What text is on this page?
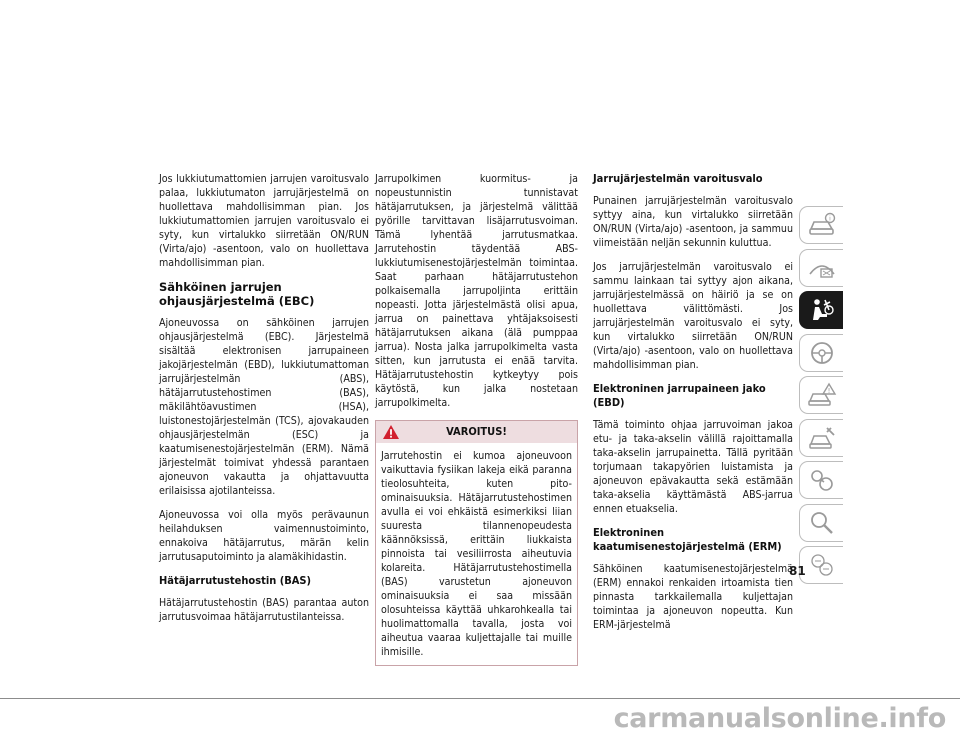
Jos lukkiutumattomien jarrujen varoitusvalo palaa, lukkiutumaton jarrujärjestelmä on huollettava mahdollisimman pian. Jos lukkiutumattomien jarrujen varoitusvalo ei syty, kun virtalukko siirretään ON/RUN (Virta/ajo) -asentoon, valo on huollettava mahdollisimman pian.

Sähköinen jarrujen ohjausjärjestelmä (EBC)

Ajoneuvossa on sähköinen jarrujen ohjausjärjestelmä (EBC). Järjestelmä sisältää elektronisen jarrupaineen jakojärjestelmän (EBD), lukkiutumattoman jarrujärjestelmän (ABS), hätäjarrutustehostimen (BAS), mäkilähtöavustimen (HSA), luistonestojärjestelmän (TCS), ajovakauden ohjausjärjestelmän (ESC) ja kaatumisenestojärjestelmän (ERM). Nämä järjestelmät toimivat yhdessä parantaen ajoneuvon vakautta ja ohjattavuutta erilaisissa ajotilanteissa.

Ajoneuvossa voi olla myös perävaunun heilahduksen vaimennustoiminto, ennakoiva hätäjarrutus, märän kelin jarrutusaputoiminto ja alamäkihidastin.

Hätäjarrutustehostin (BAS)

Hätäjarrutustehostin (BAS) parantaa auton jarrutusvoimaa hätäjarrutustilanteissa.

Jarrupolkimen kuormitus- ja nopeustunnistin tunnistavat hätäjarrutuksen, ja järjestelmä välittää pyörille tarvittavan lisäjarrutusvoiman. Tämä lyhentää jarrutusmatkaa. Jarrutehostin täydentää ABS-lukkiutumisenestojärjestelmän toimintaa. Saat parhaan hätäjarrutustehon polkaisemalla jarrupoljinta erittäin nopeasti. Jotta järjestelmästä olisi apua, jarrua on painettava yhtäjaksoisesti hätäjarrutuksen aikana (älä pumppaa jarrua). Nosta jalka jarrupolkimelta vasta sitten, kun jarrutusta ei enää tarvita. Hätäjarrutustehostin kytkeytyy pois käytöstä, kun jalka nostetaan jarrupolkimelta.

VAROITUS!
Jarrutehostin ei kumoa ajoneuvoon vaikuttavia fysiikan lakeja eikä paranna tieolosuhteita, kuten pito-ominaisuuksia. Hätäjarrutustehostimen avulla ei voi ehkäistä esimerkiksi liian suuresta tilannenopeudesta käännöksissä, erittäin liukkaista pinnoista tai vesiliirrosta aiheutuvia kolareita. Hätäjarrutustehostimella (BAS) varustetun ajoneuvon ominaisuuksia ei saa missään olosuhteissa käyttää uhkarohkealla tai huolimattomalla tavalla, josta voi aiheutua vaaraa kuljettajalle tai muille ihmisille.
Jarrujärjestelmän varoitusvalo

Punainen jarrujärjestelmän varoitusvalo syttyy aina, kun virtalukko siirretään ON/RUN (Virta/ajo) -asentoon, ja sammuu viimeistään neljän sekunnin kuluttua.

Jos jarrujärjestelmän varoitusvalo ei sammu lainkaan tai syttyy ajon aikana, jarrujärjestelmässä on häiriö ja se on huollettava välittömästi. Jos jarrujärjestelmän varoitusvalo ei syty, kun virtalukko siirretään ON/RUN (Virta/ajo) -asentoon, valo on huollettava mahdollisimman pian.

Elektroninen jarrupaineen jako (EBD)

Tämä toiminto ohjaa jarruvoiman jakoa etu- ja taka-akselin välillä rajoittamalla taka-akselin jarrupainetta. Tällä pyritään torjumaan takapyörien luistamista ja ajoneuvon epävakautta sekä estämään taka-akselia käyttämästä ABS-jarrua ennen etuakselia.

Elektroninen kaatumisenestojärjestelmä (ERM)

Sähköinen kaatumisenestojärjestelmä (ERM) ennakoi renkaiden irtoamista tien pinnasta tarkkailemalla kuljettajan toimintaa ja ajoneuvon nopeutta. Kun ERM-järjestelmä

i
!
81
carmanualsonline.info
